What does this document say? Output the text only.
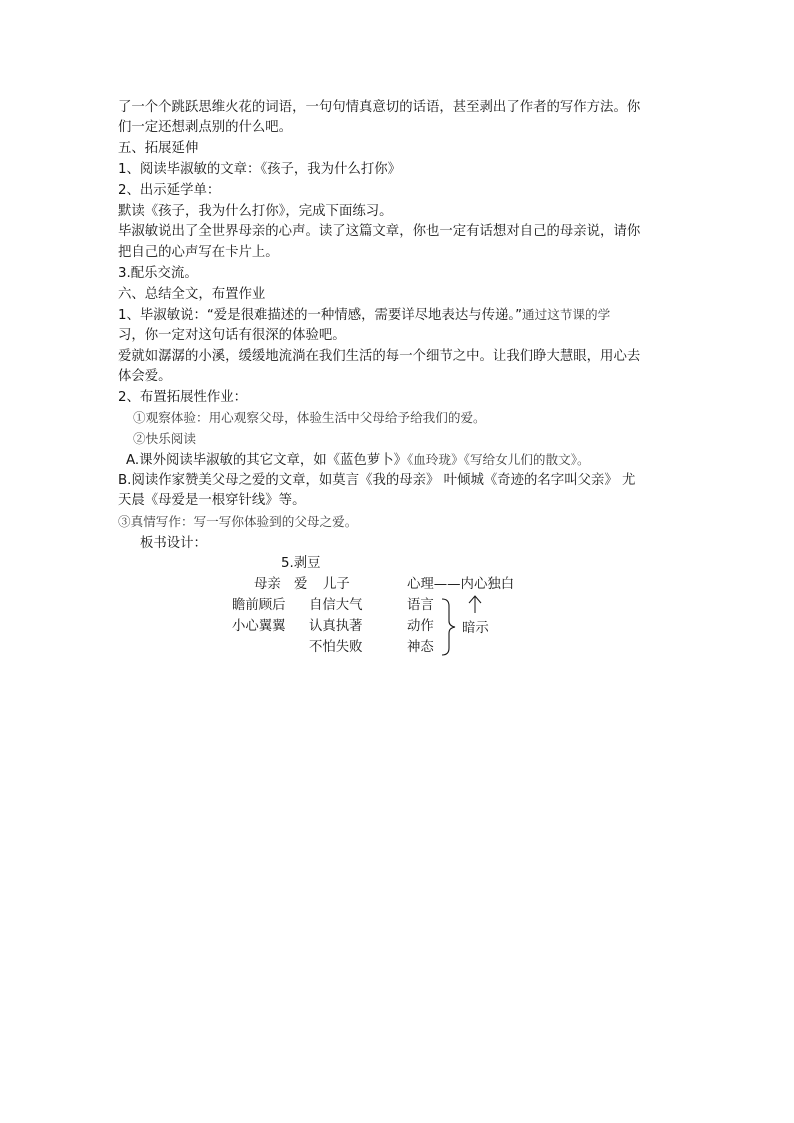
了一个个跳跃思维火花的词语，一句句情真意切的话语，甚至剥出了作者的写作方法。你

们一定还想剥点别的什么吧。

五、拓展延伸

1、阅读毕淑敏的文章：《孩子，我为什么打你》

2、出示延学单：

默读《孩子，我为什么打你》，完成下面练习。

毕淑敏说出了全世界母亲的心声。读了这篇文章，你也一定有话想对自己的母亲说，请你

把自己的心声写在卡片上。

3.配乐交流。

六、总结全文，布置作业

1、毕淑敏说：“爱是很难描述的一种情感，需要详尽地表达与传递。”通过这节课的学

习，你一定对这句话有很深的体验吧。

爱就如潺潺的小溪，缓缓地流淌在我们生活的每一个细节之中。让我们睁大慧眼，用心去

体会爱。

2、布置拓展性作业：

①观察体验：用心观察父母，体验生活中父母给予给我们的爱。

②快乐阅读

A.课外阅读毕淑敏的其它文章，如《蓝色萝卜》《血玲珑》《写给女儿们的散文》。

B.阅读作家赞美父母之爱的文章，如莫言《我的母亲》 叶倾城《奇迹的名字叫父亲》 尤

天晨《母爱是一根穿针线》等。

③真情写作：写一写你体验到的父母之爱。

板书设计：

5.剥豆

母亲 爱 儿子	心理——内心独白

瞻前顾后

小心翼翼

自信大气

认真执著

不怕失败

语言

动作

神态

暗示
